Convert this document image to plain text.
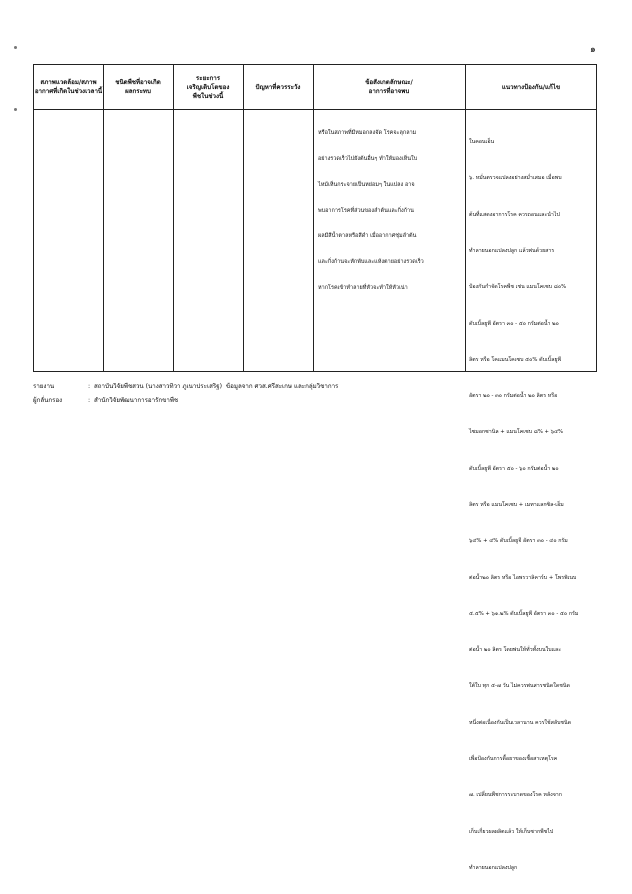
๑
สภาพแวดล้อม/สภาพ
อากาศที่เกิดในช่วงเวลานี้
ชนิดพืชที่อาจเกิด
ผลกระทบ
ระยะการ
เจริญเติบโตของ
พืชในช่วงนี้
ปัญหาที่ควรระวัง
ข้อสังเกตลักษณะ/
อาการที่อาจพบ
แนวทางป้องกัน/แก้ไข

หรือในสภาพที่มีหมอกลงจัด โรคจะลุกลาม

อย่างรวดเร็วไปยังต้นอื่นๆ ทำให้มองเห็นใบ

ไหม้เห็นกระจายเป็นหย่อมๆ ในแปลง อาจ

พบอาการโรคที่ส่วนของลำต้นและกิ่งก้าน

ผลมีสีน้ำตาลหรือสีดำ เมื่ออากาศชุ่มลำต้น

และกิ่งก้านจะหักพับและแห้งตายอย่างรวดเร็ว

หากโรคเข้าทำลายที่หัวจะทำให้หัวเน่า

ในคอนเอ็น

๖. หมั่นตรวจแปลงอย่างสม่ำเสมอ เมื่อพบ

ต้นที่แสดงอาการโรค ควรถอนและนำไป

ทำลายนอกแปลงปลูก แล้วพ่นด้วยสาร

ป้องกันกำจัดโรคพืช เช่น แมนโคเซบ ๘๐%

ดับเบิ้ลยูพี อัตรา ๓๐ - ๕๐ กรัมต่อน้ำ ๒๐

ลิตร หรือ โคแมนโคเซบ ๕๐% ดับเบิ้ลยูพี

อัตรา ๒๐ - ๓๐ กรัมต่อน้ำ ๒๐ ลิตร หรือ

ไซมอกซานิล + แมนโคเซบ ๘% + ๖๔%

ดับเบิ้ลยูพี อัตรา ๕๐ - ๖๐ กรัมต่อน้ำ ๒๐

ลิตร หรือ แมนโคเซบ + เมทาแลกซิล-เอ็ม

๖๔% + ๔% ดับเบิ้ลยูจี อัตรา ๓๐ - ๔๐ กรัม

ต่อน้ำ๒๐ ลิตร หรือ ไอพรวาลิคาร์บ + โพรพิเนบ

๕.๕% + ๖๑.๒% ดับเบิ้ลยูพี อัตรา ๓๐ - ๕๐ กรัม

ต่อน้ำ ๒๐ ลิตร โดยพ่นให้ทั่วทั้งบนใบและ

ใต้ใบ ทุก ๕-๗ วัน ไม่ควรพ่นสารชนิดใดชนิด

หนึ่งต่อเนื่องกันเป็นเวลานาน ควรใช้สลับชนิด

เพื่อป้องกันการดื้อยาของเชื้อสาเหตุโรค

๗. เปลี่ยนพืชการระบาดของโรค หลังจาก

เก็บเกี่ยวผลผลิตแล้ว ให้เก็บซากพืชไป

ทำลายนอกแปลงปลูก

รายงาน	:  สถาบันวิจัยพืชสวน (นางสาวทิวา ภูเนาประเสริฐ)  ข้อมูลจาก ศวส.ศรีสะเกษ และกลุ่มวิชาการ
ผู้กลั่นกรอง	:  สำนักวิจัยพัฒนาการอารักขาพืช
